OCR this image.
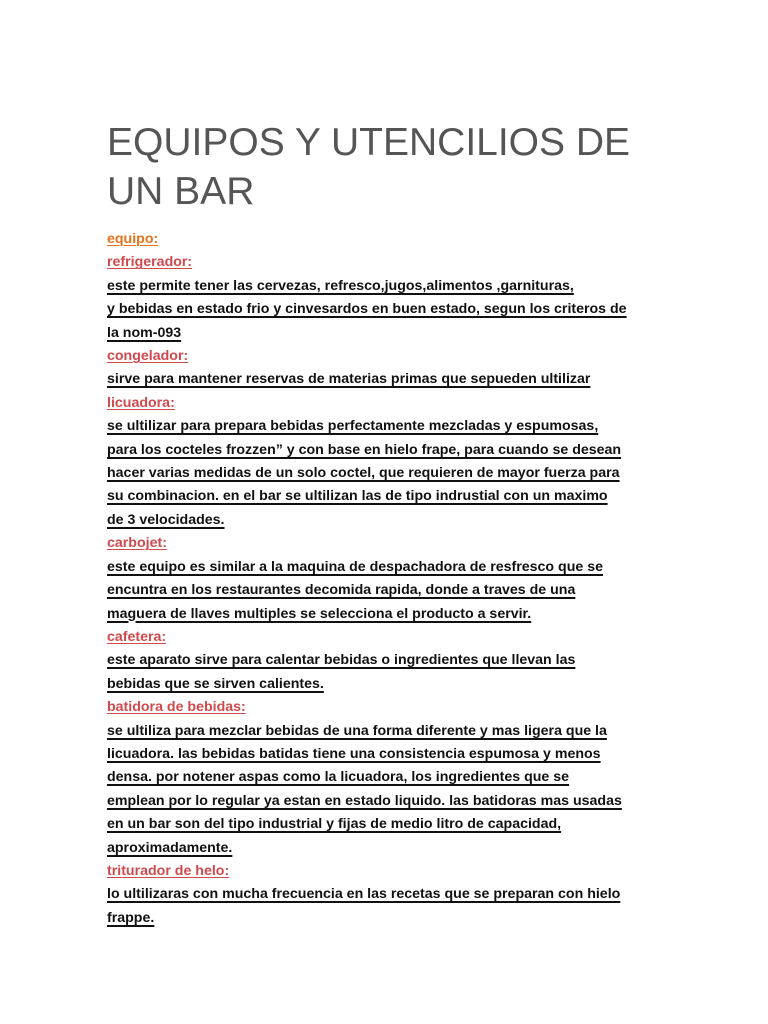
EQUIPOS Y UTENCILIOS DE UN BAR
equipo:
refrigerador:
este permite tener las cervezas, refresco,jugos,alimentos ,garnituras,
y bebidas en estado frio y cinvesardos en buen estado, segun los criteros de
la nom-093
congelador:
sirve para mantener reservas de materias primas que sepueden ultilizar
licuadora:
se ultilizar para prepara bebidas perfectamente mezcladas y espumosas,
para los cocteles frozzen” y con base en hielo frape, para cuando se desean
hacer varias medidas de un solo coctel, que requieren de mayor fuerza para
su combinacion. en el bar se ultilizan las de tipo indrustial con un maximo
de 3 velocidades.
carbojet:
este equipo es similar a la maquina de despachadora de resfresco que se
encuntra en los restaurantes decomida rapida, donde a traves de una
maguera de llaves multiples se selecciona el producto a servir.
cafetera:
este aparato sirve para calentar bebidas o ingredientes que llevan las
bebidas que se sirven calientes.
batidora de bebidas:
se ultiliza para mezclar bebidas de una forma diferente y mas ligera que la
licuadora. las bebidas batidas tiene una consistencia espumosa y menos
densa. por notener aspas como la licuadora, los ingredientes que se
emplean por lo regular ya estan en estado liquido. las batidoras mas usadas
en un bar son del tipo industrial y fijas de medio litro de capacidad,
aproximadamente.
triturador de helo:
lo ultilizaras con mucha frecuencia en las recetas que se preparan con hielo
frappe.
